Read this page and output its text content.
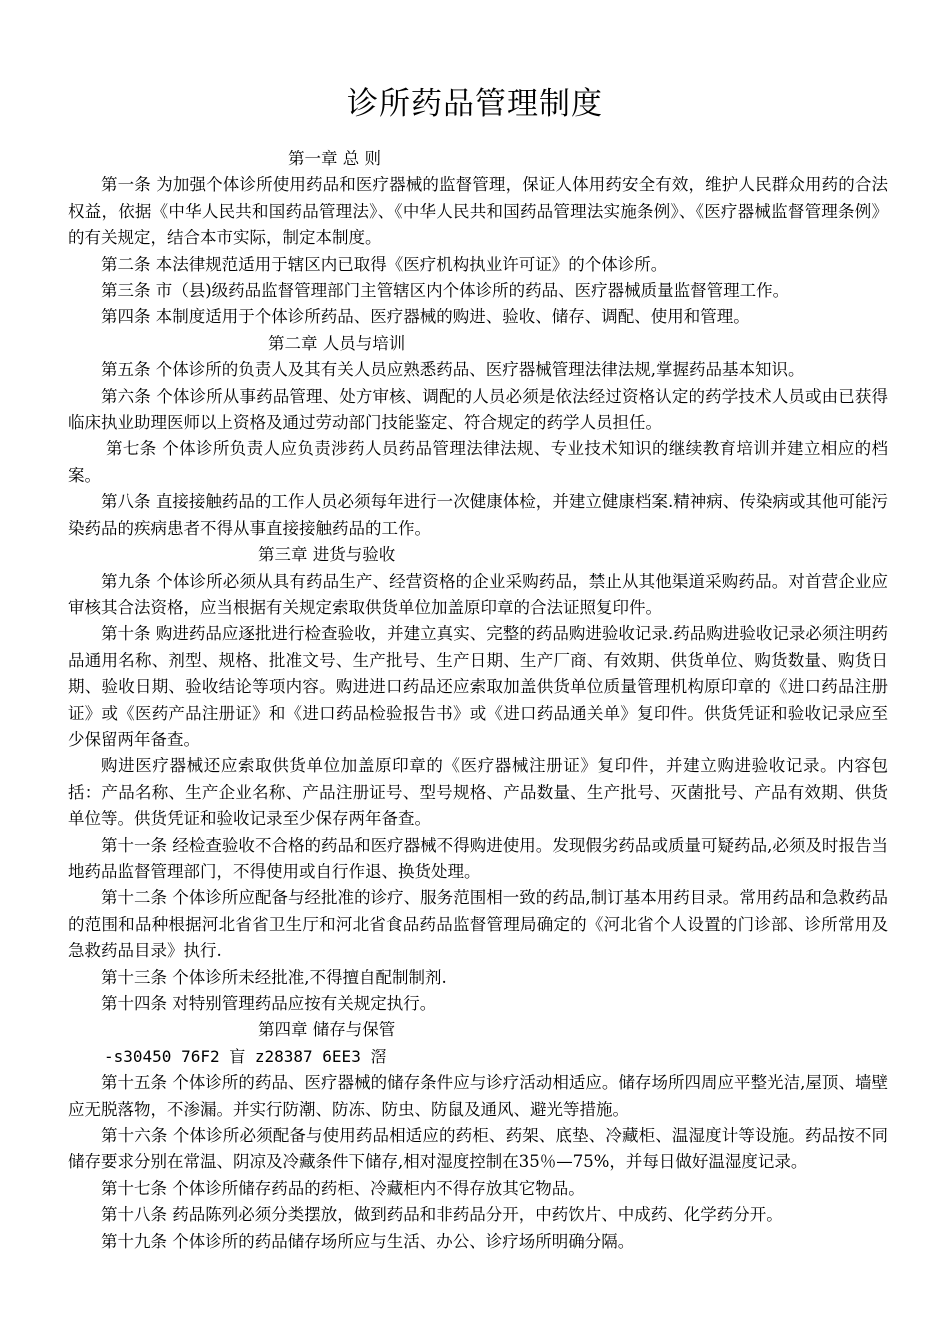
诊所药品管理制度

第一章 总 则

第一条 为加强个体诊所使用药品和医疗器械的监督管理，保证人体用药安全有效，维护人民群众用药的合法权益，依据《中华人民共和国药品管理法》、《中华人民共和国药品管理法实施条例》、《医疗器械监督管理条例》的有关规定，结合本市实际，制定本制度。

第二条 本法律规范适用于辖区内已取得《医疗机构执业许可证》的个体诊所。

第三条 市（县)级药品监督管理部门主管辖区内个体诊所的药品、医疗器械质量监督管理工作。

第四条 本制度适用于个体诊所药品、医疗器械的购进、验收、储存、调配、使用和管理。

第二章 人员与培训

第五条 个体诊所的负责人及其有关人员应熟悉药品、医疗器械管理法律法规,掌握药品基本知识。

第六条 个体诊所从事药品管理、处方审核、调配的人员必须是依法经过资格认定的药学技术人员或由已获得临床执业助理医师以上资格及通过劳动部门技能鉴定、符合规定的药学人员担任。

第七条 个体诊所负责人应负责涉药人员药品管理法律法规、专业技术知识的继续教育培训并建立相应的档案。

第八条 直接接触药品的工作人员必须每年进行一次健康体检，并建立健康档案.精神病、传染病或其他可能污染药品的疾病患者不得从事直接接触药品的工作。

第三章 进货与验收

第九条 个体诊所必须从具有药品生产、经营资格的企业采购药品，禁止从其他渠道采购药品。对首营企业应审核其合法资格，应当根据有关规定索取供货单位加盖原印章的合法证照复印件。

第十条 购进药品应逐批进行检查验收，并建立真实、完整的药品购进验收记录.药品购进验收记录必须注明药品通用名称、剂型、规格、批准文号、生产批号、生产日期、生产厂商、有效期、供货单位、购货数量、购货日期、验收日期、验收结论等项内容。购进进口药品还应索取加盖供货单位质量管理机构原印章的《进口药品注册证》或《医药产品注册证》和《进口药品检验报告书》或《进口药品通关单》复印件。供货凭证和验收记录应至少保留两年备查。

购进医疗器械还应索取供货单位加盖原印章的《医疗器械注册证》复印件，并建立购进验收记录。内容包括：产品名称、生产企业名称、产品注册证号、型号规格、产品数量、生产批号、灭菌批号、产品有效期、供货单位等。供货凭证和验收记录至少保存两年备查。

第十一条 经检查验收不合格的药品和医疗器械不得购进使用。发现假劣药品或质量可疑药品,必须及时报告当地药品监督管理部门，不得使用或自行作退、换货处理。

第十二条 个体诊所应配备与经批准的诊疗、服务范围相一致的药品,制订基本用药目录。常用药品和急救药品的范围和品种根据河北省省卫生厅和河北省食品药品监督管理局确定的《河北省个人设置的门诊部、诊所常用及急救药品目录》执行.

第十三条 个体诊所未经批准,不得擅自配制制剂.

第十四条 对特别管理药品应按有关规定执行。

第四章 储存与保管

-s30450 76F2 盲 z28387 6EE3 滘

第十五条 个体诊所的药品、医疗器械的储存条件应与诊疗活动相适应。储存场所四周应平整光洁,屋顶、墙壁应无脱落物，不渗漏。并实行防潮、防冻、防虫、防鼠及通风、避光等措施。

第十六条 个体诊所必须配备与使用药品相适应的药柜、药架、底垫、冷藏柜、温湿度计等设施。药品按不同储存要求分别在常温、阴凉及冷藏条件下储存,相对湿度控制在35％—75%，并每日做好温湿度记录。

第十七条 个体诊所储存药品的药柜、冷藏柜内不得存放其它物品。

第十八条 药品陈列必须分类摆放，做到药品和非药品分开，中药饮片、中成药、化学药分开。

第十九条 个体诊所的药品储存场所应与生活、办公、诊疗场所明确分隔。
